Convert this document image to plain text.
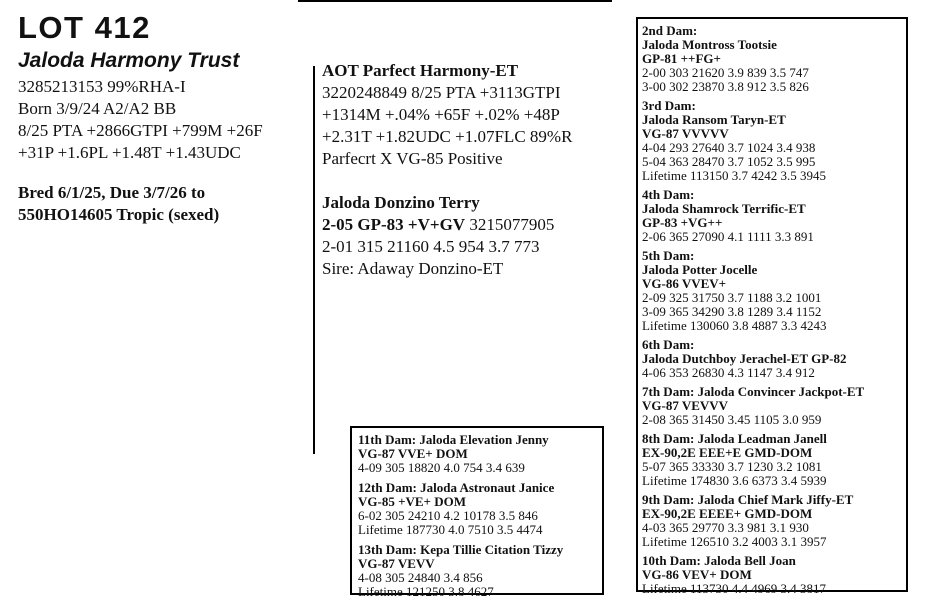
LOT 412
Jaloda Harmony Trust
3285213153 99%RHA-I
Born 3/9/24 A2/A2 BB
8/25 PTA +2866GTPI +799M +26F
+31P +1.6PL +1.48T +1.43UDC
Bred 6/1/25, Due 3/7/26 to
550HO14605 Tropic (sexed)
AOT Parfect Harmony-ET
3220248849 8/25 PTA +3113GTPI
+1314M +.04% +65F +.02% +48P
+2.31T +1.82UDC +1.07FLC 89%R
Parfecrt X VG-85 Positive
Jaloda Donzino Terry
2-05 GP-83 +V+GV 3215077905
2-01 315 21160 4.5 954 3.7 773
Sire: Adaway Donzino-ET
2nd Dam:
Jaloda Montross Tootsie
GP-81 ++FG+
2-00 303 21620 3.9 839 3.5 747
3-00 302 23870 3.8 912 3.5 826
3rd Dam:
Jaloda Ransom Taryn-ET
VG-87 VVVVV
4-04 293 27640 3.7 1024 3.4 938
5-04 363 28470 3.7 1052 3.5 995
Lifetime 113150 3.7 4242 3.5 3945
4th Dam:
Jaloda Shamrock Terrific-ET
GP-83 +VG++
2-06 365 27090 4.1 1111 3.3 891
5th Dam:
Jaloda Potter Jocelle
VG-86 VVEV+
2-09 325 31750 3.7 1188 3.2 1001
3-09 365 34290 3.8 1289 3.4 1152
Lifetime 130060 3.8 4887 3.3 4243
6th Dam:
Jaloda Dutchboy Jerachel-ET GP-82
4-06 353 26830 4.3 1147 3.4 912
7th Dam: Jaloda Convincer Jackpot-ET
VG-87 VEVVV
2-08 365 31450 3.45 1105 3.0 959
8th Dam: Jaloda Leadman Janell
EX-90,2E EEE+E GMD-DOM
5-07 365 33330 3.7 1230 3.2 1081
Lifetime 174830 3.6 6373 3.4 5939
9th Dam: Jaloda Chief Mark Jiffy-ET
EX-90,2E EEEE+ GMD-DOM
4-03 365 29770 3.3 981 3.1 930
Lifetime 126510 3.2 4003 3.1 3957
10th Dam: Jaloda Bell Joan
VG-86 VEV+ DOM
Lifetime 113730 4.4 4969 3.4 3817
11th Dam: Jaloda Elevation Jenny
VG-87 VVE+ DOM
4-09 305 18820 4.0 754 3.4 639
12th Dam: Jaloda Astronaut Janice
VG-85 +VE+ DOM
6-02 305 24210 4.2 10178 3.5 846
Lifetime 187730 4.0 7510 3.5 4474
13th Dam: Kepa Tillie Citation Tizzy
VG-87 VEVV
4-08 305 24840 3.4 856
Lifetime 121250 3.8 4627
